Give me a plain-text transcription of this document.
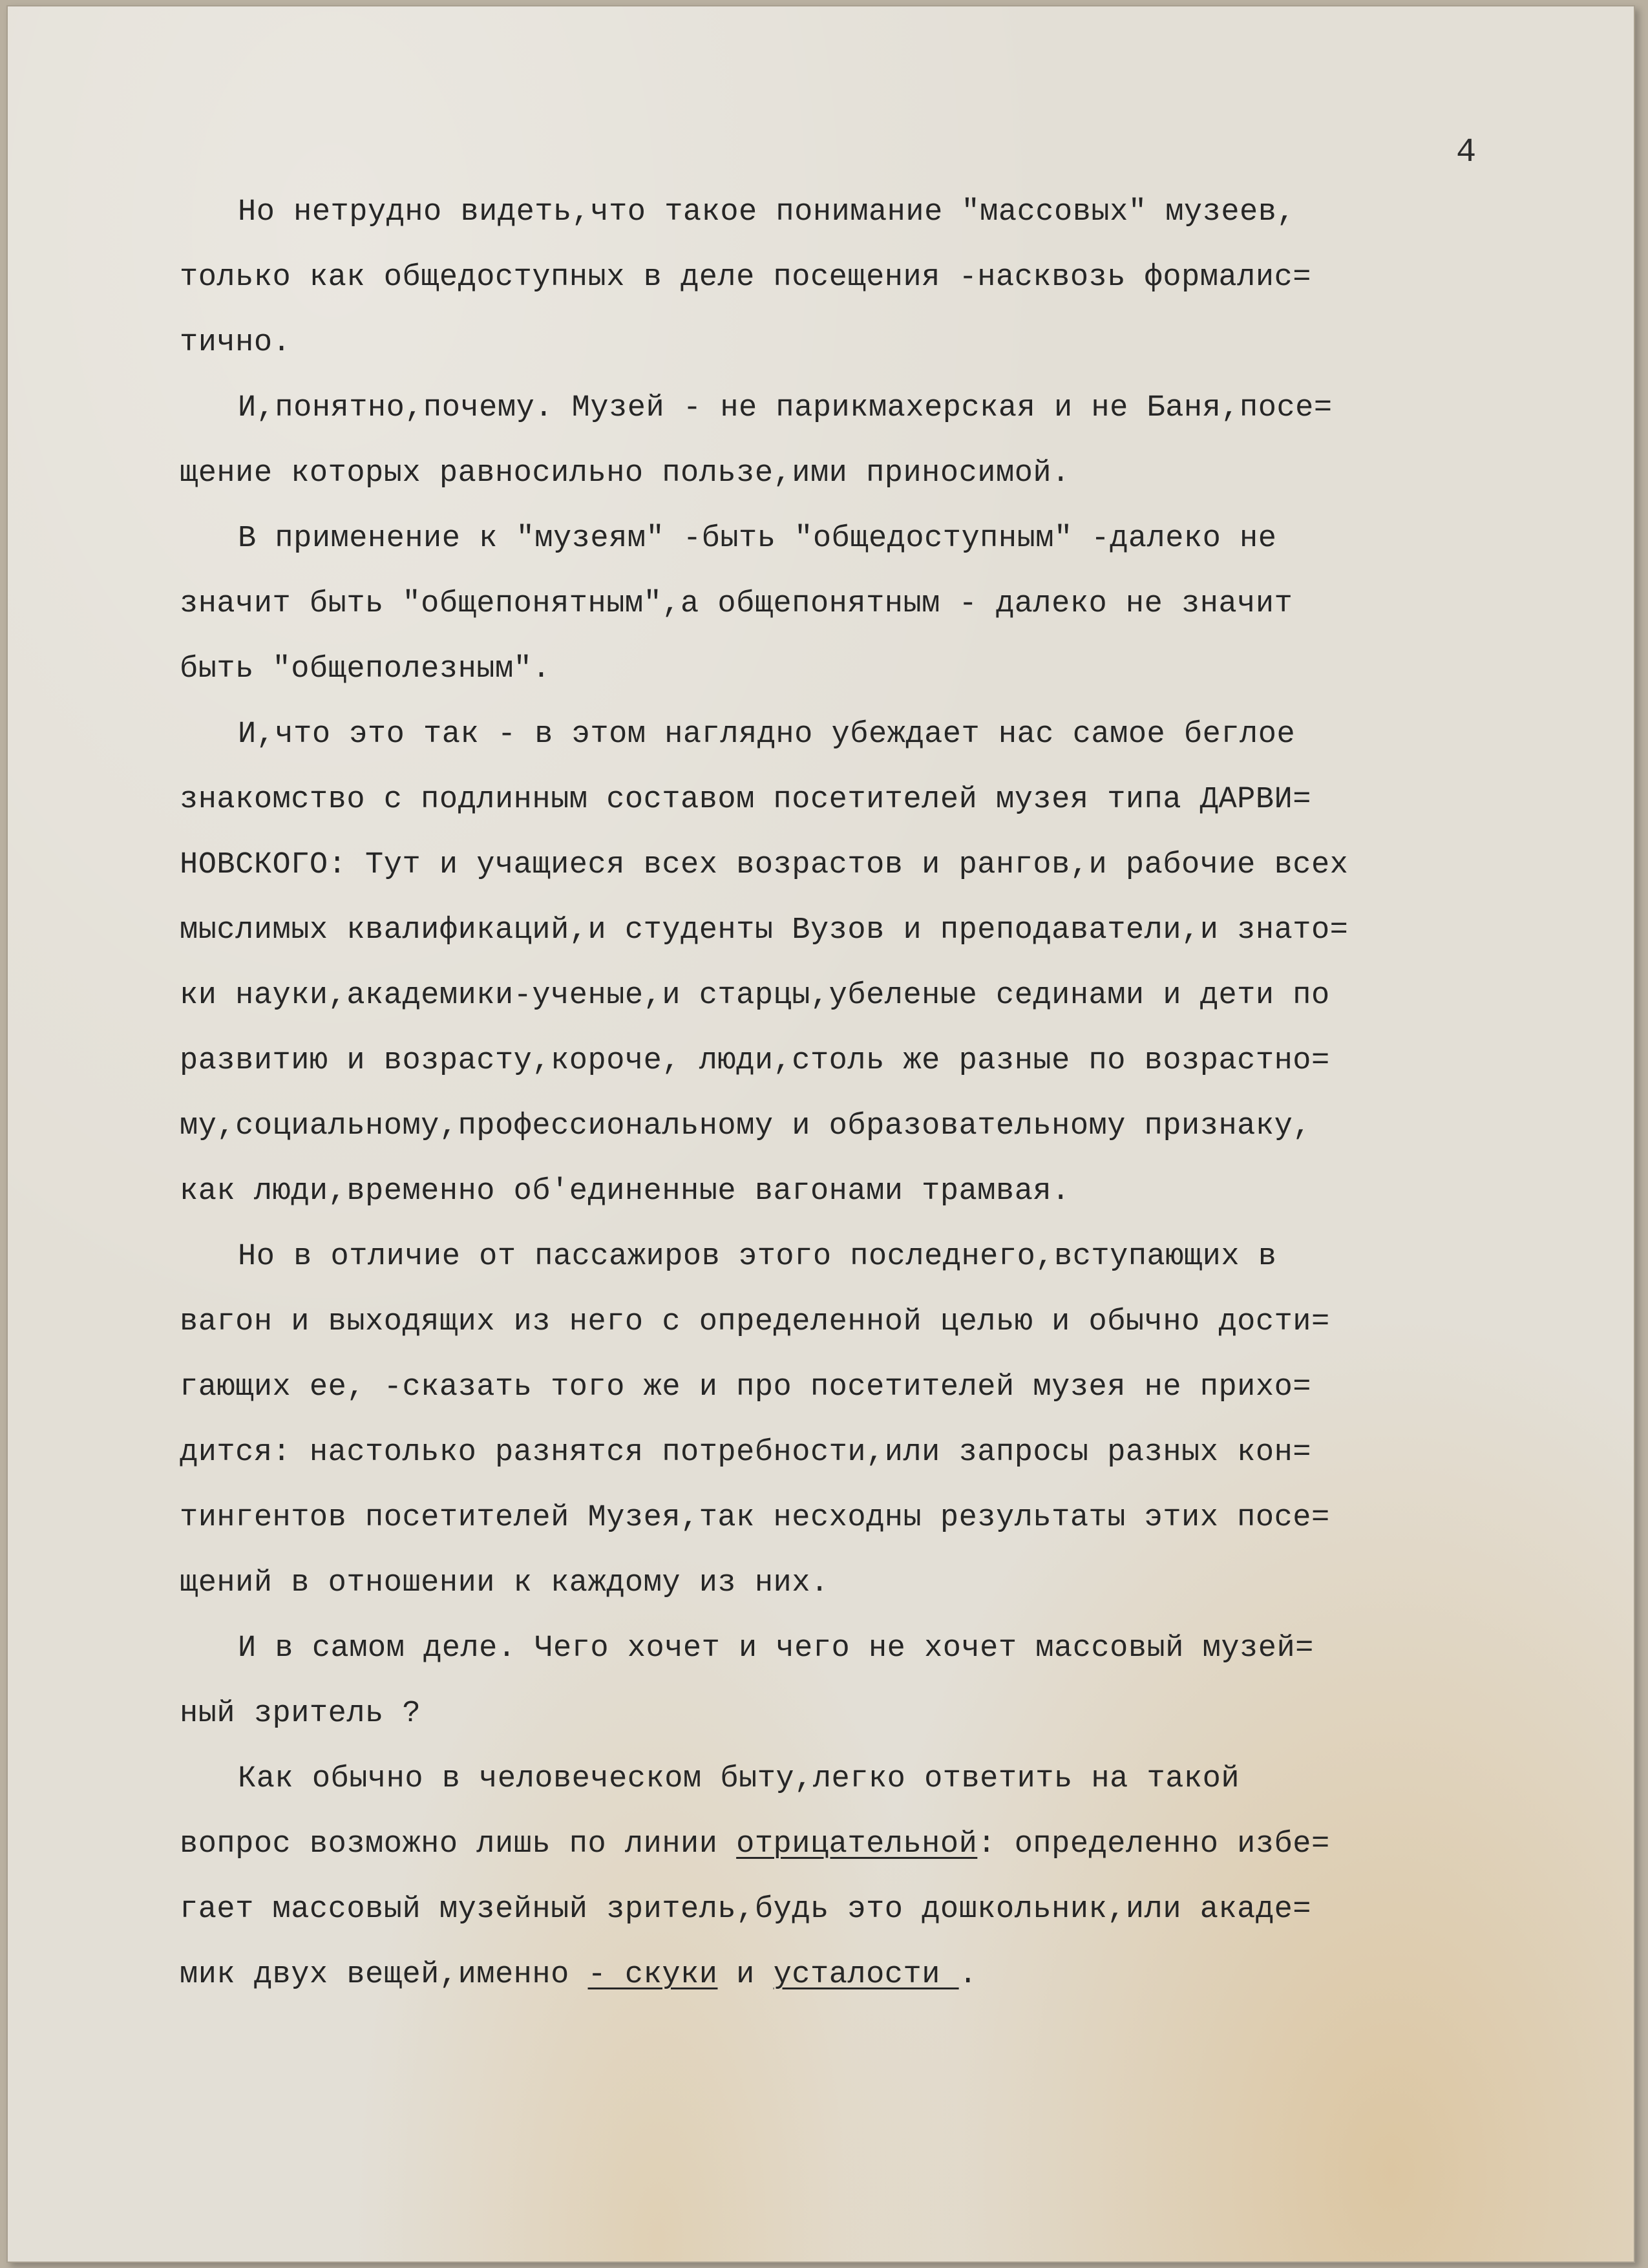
4
Но нетрудно видеть,что такое понимание "массовых" музеев,
только как общедоступных в деле посещения -насквозь формалис=
тично.
И,понятно,почему. Музей - не парикмахерская и не Баня,посе=
щение которых равносильно пользе,ими приносимой.
В применение к "музеям" -быть "общедоступным" -далеко не
значит быть "общепонятным",а общепонятным - далеко не значит
быть "общеполезным".
И,что это так - в этом наглядно убеждает нас самое беглое
знакомство с подлинным составом посетителей музея типа ДАРВИ=
НОВСКОГО: Тут и учащиеся всех возрастов и рангов,и рабочие всех
мыслимых квалификаций,и студенты Вузов и преподаватели,и знато=
ки науки,академики-ученые,и старцы,убеленые сединами и дети по
развитию и возрасту,короче, люди,столь же разные по возрастно=
му,социальному,профессиональному и образовательному признаку,
как люди,временно об'единенные вагонами трамвая.
Но в отличие от пассажиров этого последнего,вступающих в
вагон и выходящих из него с определенной целью и обычно дости=
гающих ее, -сказать того же и про посетителей музея не прихо=
дится: настолько разнятся потребности,или запросы разных кон=
тингентов посетителей Музея,так несходны результаты этих посе=
щений в отношении к каждому из них.
И в самом деле. Чего хочет и чего не хочет массовый музей=
ный зритель ?
Как обычно в человеческом быту,легко ответить на такой
вопрос возможно лишь по линии отрицательной: определенно избе=
гает массовый музейный зритель,будь это дошкольник,или акаде=
мик двух вещей,именно - скуки и усталости .
